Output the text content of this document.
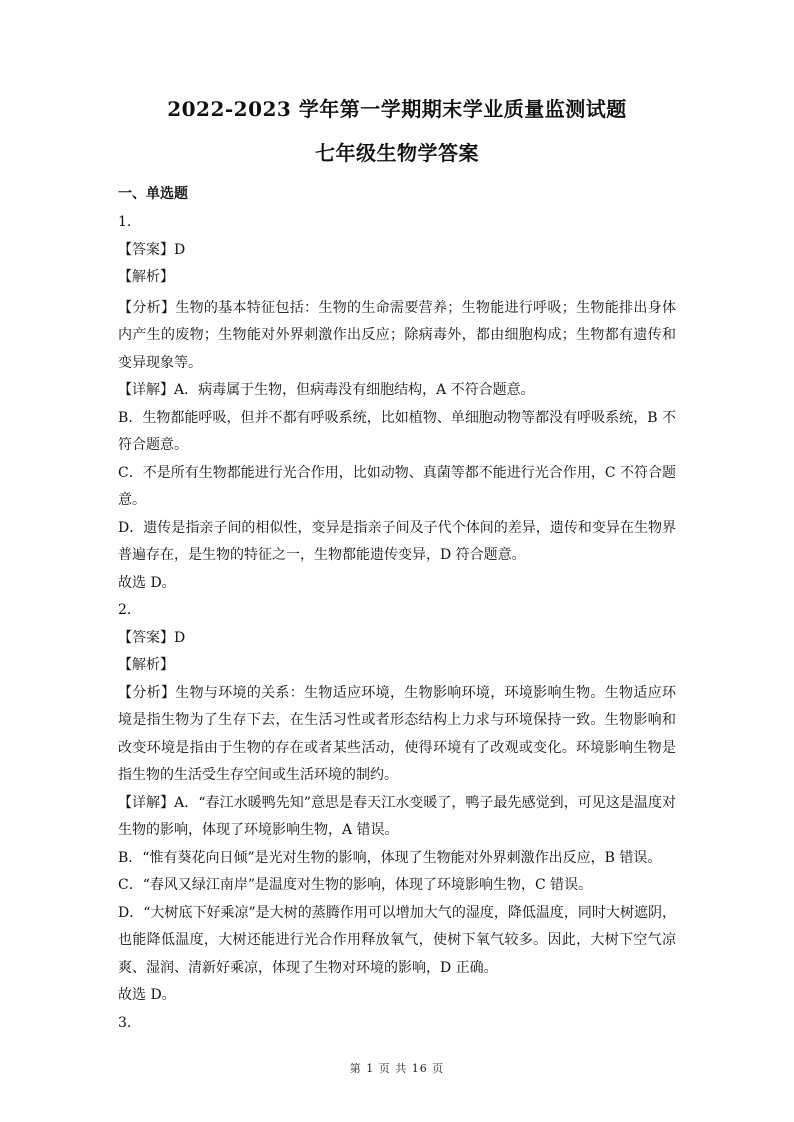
2022-2023 学年第一学期期末学业质量监测试题
七年级生物学答案
一、单选题
1.
【答案】D
【解析】

【分析】生物的基本特征包括：生物的生命需要营养；生物能进行呼吸；生物能排出身体内产生的废物；生物能对外界刺激作出反应；除病毒外，都由细胞构成；生物都有遗传和变异现象等。

【详解】A．病毒属于生物，但病毒没有细胞结构，A 不符合题意。

B．生物都能呼吸，但并不都有呼吸系统，比如植物、单细胞动物等都没有呼吸系统，B 不符合题意。

C．不是所有生物都能进行光合作用，比如动物、真菌等都不能进行光合作用，C 不符合题意。

D．遗传是指亲子间的相似性，变异是指亲子间及子代个体间的差异，遗传和变异在生物界普遍存在，是生物的特征之一，生物都能遗传变异，D 符合题意。

故选 D。

2.

【答案】D

【解析】

【分析】生物与环境的关系：生物适应环境，生物影响环境，环境影响生物。生物适应环境是指生物为了生存下去，在生活习性或者形态结构上力求与环境保持一致。生物影响和改变环境是指由于生物的存在或者某些活动，使得环境有了改观或变化。环境影响生物是指生物的生活受生存空间或生活环境的制约。

【详解】A．“春江水暖鸭先知”意思是春天江水变暖了，鸭子最先感觉到，可见这是温度对生物的影响，体现了环境影响生物，A 错误。

B．“惟有葵花向日倾”是光对生物的影响，体现了生物能对外界刺激作出反应，B 错误。

C．“春风又绿江南岸”是温度对生物的影响，体现了环境影响生物，C 错误。

D．“大树底下好乘凉”是大树的蒸腾作用可以增加大气的湿度，降低温度，同时大树遮阴，也能降低温度，大树还能进行光合作用释放氧气，使树下氧气较多。因此，大树下空气凉爽、湿润、清新好乘凉，体现了生物对环境的影响，D 正确。

故选 D。

3.

第 1 页 共 16 页
